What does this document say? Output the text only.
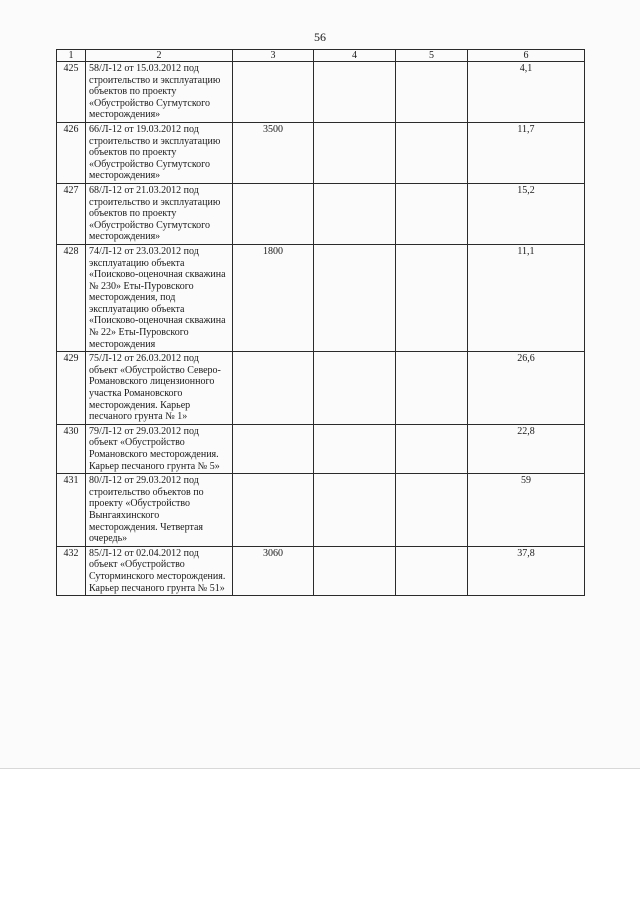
56
1	2	3	4	5	6
425	58/Л-12 от 15.03.2012 под строительство и эксплуатацию объектов по проекту «Обустройство Сугмутского месторождения»				4,1
426	66/Л-12 от 19.03.2012 под строительство и эксплуатацию объектов по проекту «Обустройство Сугмутского месторождения»	3500			11,7
427	68/Л-12 от 21.03.2012 под строительство и эксплуатацию объектов по проекту «Обустройство Сугмутского месторождения»				15,2
428	74/Л-12 от 23.03.2012 под эксплуатацию объекта «Поисково-оценочная скважина № 230» Еты-Пуровского месторождения, под эксплуатацию объекта «Поисково-оценочная скважина № 22» Еты-Пуровского месторождения	1800			11,1
429	75/Л-12 от 26.03.2012 под объект «Обустройство Северо-Романовского лицензионного участка Романовского месторождения. Карьер песчаного грунта № 1»				26,6
430	79/Л-12 от 29.03.2012 под объект «Обустройство Романовского месторождения. Карьер песчаного грунта № 5»				22,8
431	80/Л-12 от 29.03.2012 под строительство объектов по проекту «Обустройство Вынгаяхинского месторождения. Четвертая очередь»				59
432	85/Л-12 от 02.04.2012 под объект «Обустройство Суторминского месторождения. Карьер песчаного грунта № 51»	3060			37,8
